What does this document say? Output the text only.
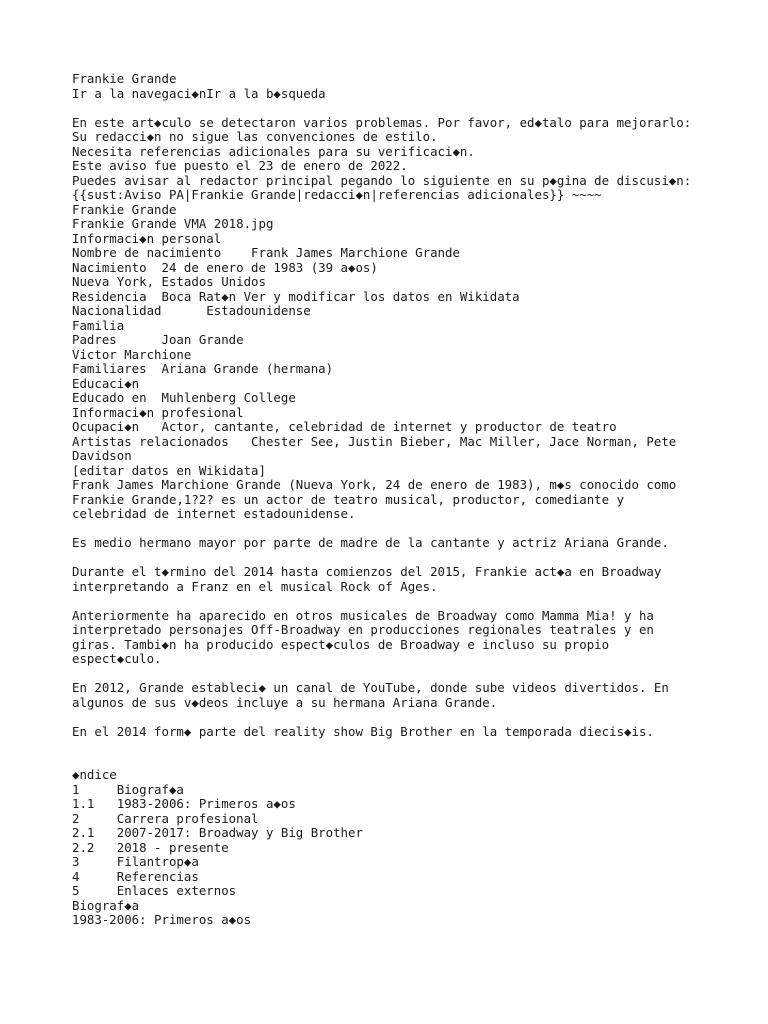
Frankie Grande
Ir a la navegaci◆nIr a la b◆squeda
En este art◆culo se detectaron varios problemas. Por favor, ed◆talo para mejorarlo:
Su redacci◆n no sigue las convenciones de estilo.
Necesita referencias adicionales para su verificaci◆n.
Este aviso fue puesto el 23 de enero de 2022.
Puedes avisar al redactor principal pegando lo siguiente en su p◆gina de discusi◆n:
{{sust:Aviso PA|Frankie Grande|redacci◆n|referencias adicionales}} ~~~~
Frankie Grande
Frankie Grande VMA 2018.jpg
Informaci◆n personal
Nombre de nacimiento    Frank James Marchione Grande
Nacimiento  24 de enero de 1983 (39 a◆os)
Nueva York, Estados Unidos
Residencia  Boca Rat◆n Ver y modificar los datos en Wikidata
Nacionalidad      Estadounidense
Familia
Padres      Joan Grande
Victor Marchione
Familiares  Ariana Grande (hermana)
Educaci◆n
Educado en  Muhlenberg College
Informaci◆n profesional
Ocupaci◆n   Actor, cantante, celebridad de internet y productor de teatro
Artistas relacionados   Chester See, Justin Bieber, Mac Miller, Jace Norman, Pete
Davidson
[editar datos en Wikidata]
Frank James Marchione Grande (Nueva York, 24 de enero de 1983), m◆s conocido como
Frankie Grande,1?2? es un actor de teatro musical, productor, comediante y
celebridad de internet estadounidense.
Es medio hermano mayor por parte de madre de la cantante y actriz Ariana Grande.
Durante el t◆rmino del 2014 hasta comienzos del 2015, Frankie act◆a en Broadway
interpretando a Franz en el musical Rock of Ages.
Anteriormente ha aparecido en otros musicales de Broadway como Mamma Mia! y ha
interpretado personajes Off-Broadway en producciones regionales teatrales y en
giras. Tambi◆n ha producido espect◆culos de Broadway e incluso su propio
espect◆culo.
En 2012, Grande estableci◆ un canal de YouTube, donde sube videos divertidos. En
algunos de sus v◆deos incluye a su hermana Ariana Grande.
En el 2014 form◆ parte del reality show Big Brother en la temporada diecis◆is.
◆ndice
1     Biograf◆a
1.1   1983-2006: Primeros a◆os
2     Carrera profesional
2.1   2007-2017: Broadway y Big Brother
2.2   2018 - presente
3     Filantrop◆a
4     Referencias
5     Enlaces externos
Biograf◆a
1983-2006: Primeros a◆os
